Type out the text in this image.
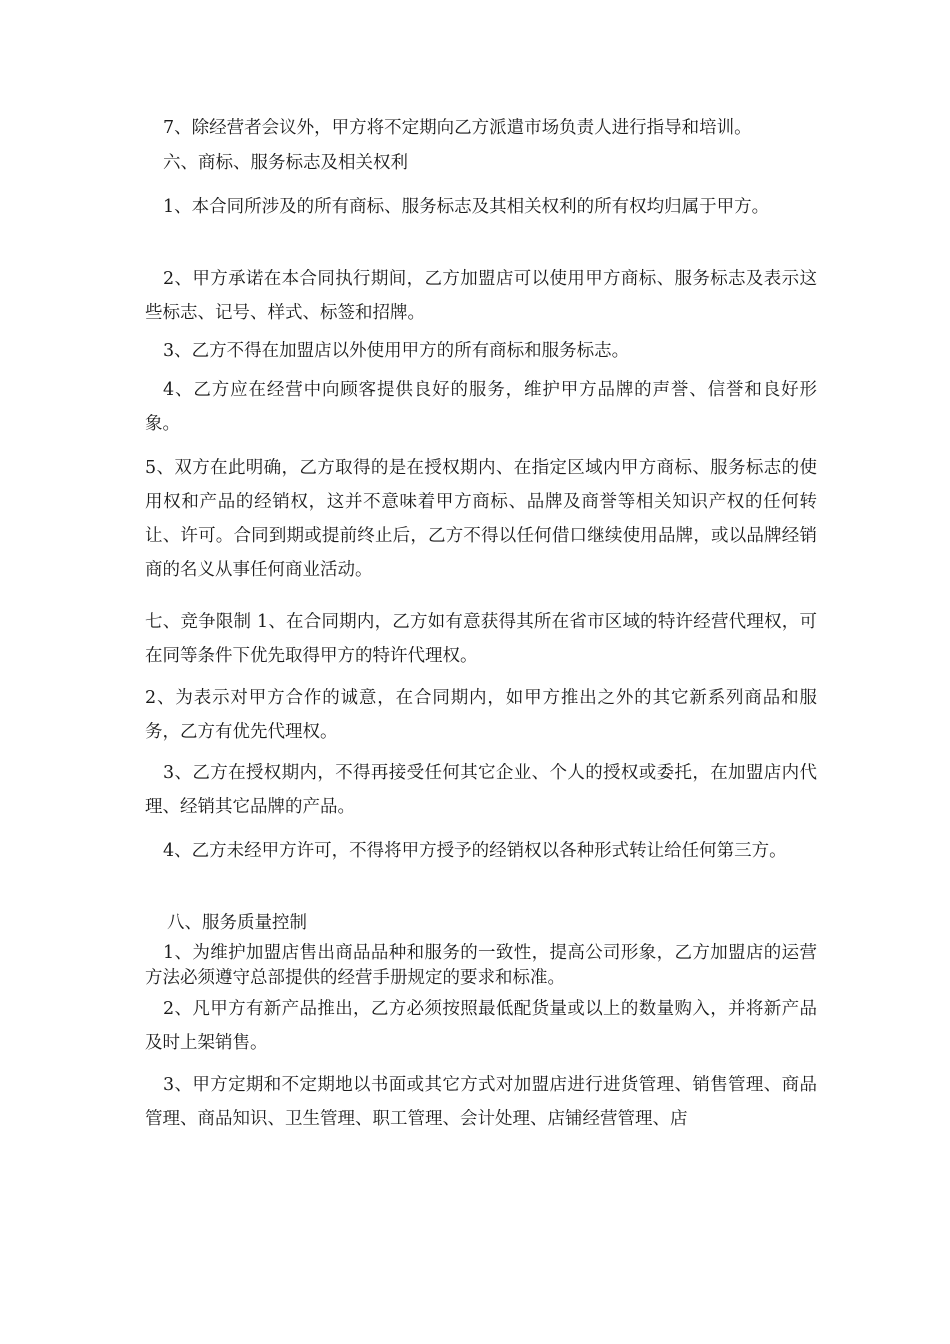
7、除经营者会议外，甲方将不定期向乙方派遣市场负责人进行指导和培训。

六、商标、服务标志及相关权利

1、本合同所涉及的所有商标、服务标志及其相关权利的所有权均归属于甲方。

2、甲方承诺在本合同执行期间，乙方加盟店可以使用甲方商标、服务标志及表示这些标志、记号、样式、标签和招牌。

3、乙方不得在加盟店以外使用甲方的所有商标和服务标志。

4、乙方应在经营中向顾客提供良好的服务，维护甲方品牌的声誉、信誉和良好形象。

5、双方在此明确，乙方取得的是在授权期内、在指定区域内甲方商标、服务标志的使用权和产品的经销权，这并不意味着甲方商标、品牌及商誉等相关知识产权的任何转让、许可。合同到期或提前终止后，乙方不得以任何借口继续使用品牌，或以品牌经销商的名义从事任何商业活动。

七、竞争限制 1、在合同期内，乙方如有意获得其所在省市区域的特许经营代理权，可在同等条件下优先取得甲方的特许代理权。

2、为表示对甲方合作的诚意，在合同期内，如甲方推出之外的其它新系列商品和服务，乙方有优先代理权。

3、乙方在授权期内，不得再接受任何其它企业、个人的授权或委托，在加盟店内代理、经销其它品牌的产品。

4、乙方未经甲方许可，不得将甲方授予的经销权以各种形式转让给任何第三方。

八、服务质量控制

1、为维护加盟店售出商品品种和服务的一致性，提高公司形象，乙方加盟店的运营方法必须遵守总部提供的经营手册规定的要求和标准。

2、凡甲方有新产品推出，乙方必须按照最低配货量或以上的数量购入，并将新产品及时上架销售。

3、甲方定期和不定期地以书面或其它方式对加盟店进行进货管理、销售管理、商品管理、商品知识、卫生管理、职工管理、会计处理、店铺经营管理、店
